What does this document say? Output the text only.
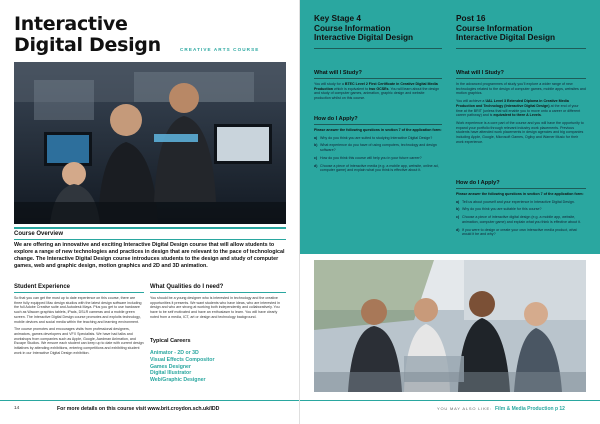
Interactive
Digital Design	CREATIVE ARTS COURSE
Course Overview
We are offering an innovative and exciting Interactive Digital Design course that will allow students to explore a range of new technologies and practices in design that are relevant to the pace of technological change. The Interactive Digital Design course introduces students to the design and study of computer games, web and graphic design, motion graphics and 2D and 3D animation.
Student Experience

So that you can get the most up to date experience on this course, there are three fully equipped Mac design studios with the latest design software including the full Adobe Creative suite and Autodesk Maya. Plus you get to use hardware such as Wacom graphics tablets, iPads, DSLR cameras and a mobile green screen. The Interactive Digital Design course promotes and exploits technology, mobile devices and social media within the teaching and learning environment.

The course promotes and encourages visits from professional designers, animators, games developers and VFX Specialists. We have had talks and workshops from companies such as Apple, Google, Aardman Animation, and Escape Studios. We ensure each student can keep up to date with current design initiatives by attending exhibitions, entering competitions and exhibiting student work in our Interactive Digital Design exhibition.

What Qualities do I need?
You should be a young designer who is interested in technology and the creative opportunities it presents. We want students who have ideas, who are interested in design and who are strong at working both independently and collaboratively. You have to be self motivated and have an enthusiasm to learn. You will have clearly noted from a media, ICT, art or design and technology background.
Typical Careers
Animator - 2D or 3D
Visual Effects Compositor
Games Designer
Digital Illustrator
Web/Graphic Designer
14	For more details on this course visit www.brit.croydon.sch.uk/IDD
Key Stage 4
Course Information
Interactive Digital Design
What will I Study?
You will study for a BTEC Level 2 First Certificate in Creative Digital Media Production which is equivalent to two GCSEs. You will learn about the design and study of computer games, animation, graphic design and website production whilst on this course.
How do I Apply?

Please answer the following questions in section 7 of the application form:

a) Why do you think you are suited to studying Interactive Digital Design?
b) What experience do you have of using computers, technology and design software?
c) How do you think this course will help you in your future career?
d) Choose a piece of interactive media (e.g. a mobile app, website, online ad, computer game) and explain what you think is effective about it.
Post 16
Course Information
Interactive Digital Design
What will I Study?

In the advanced programmes of study you'll explore a wider range of new technologies related to the design of computer games, mobile apps, websites and motion graphics.

You will achieve a UAL Level 3 Extended Diploma in Creative Media Production and Technology (Interactive Digital Design) at the end of your time at the BRIT (unless that will enable you to move onto a career or different career pathway) and is equivalent to three A Levels.

Work experience is a core part of the course and you will have the opportunity to expand your portfolio through relevant industry work placements. Previous students have attended work placements in design agencies and big companies including Apple, Google, Microsoft Games, Ogilvy and Warner Music for their work experience.

How do I Apply?

Please answer the following questions in section 7 of the application form:

a) Tell us about yourself and your experience in Interactive Digital Design.
b) Why do you think you are suitable for this course?
c) Choose a piece of interactive digital design (e.g. a mobile app, website, animation, computer game) and explain what you think is effective about it.
d) If you were to design or create your own interactive media product, what would it be and why?
YOU MAY ALSO LIKE: Film & Media Production p 12
